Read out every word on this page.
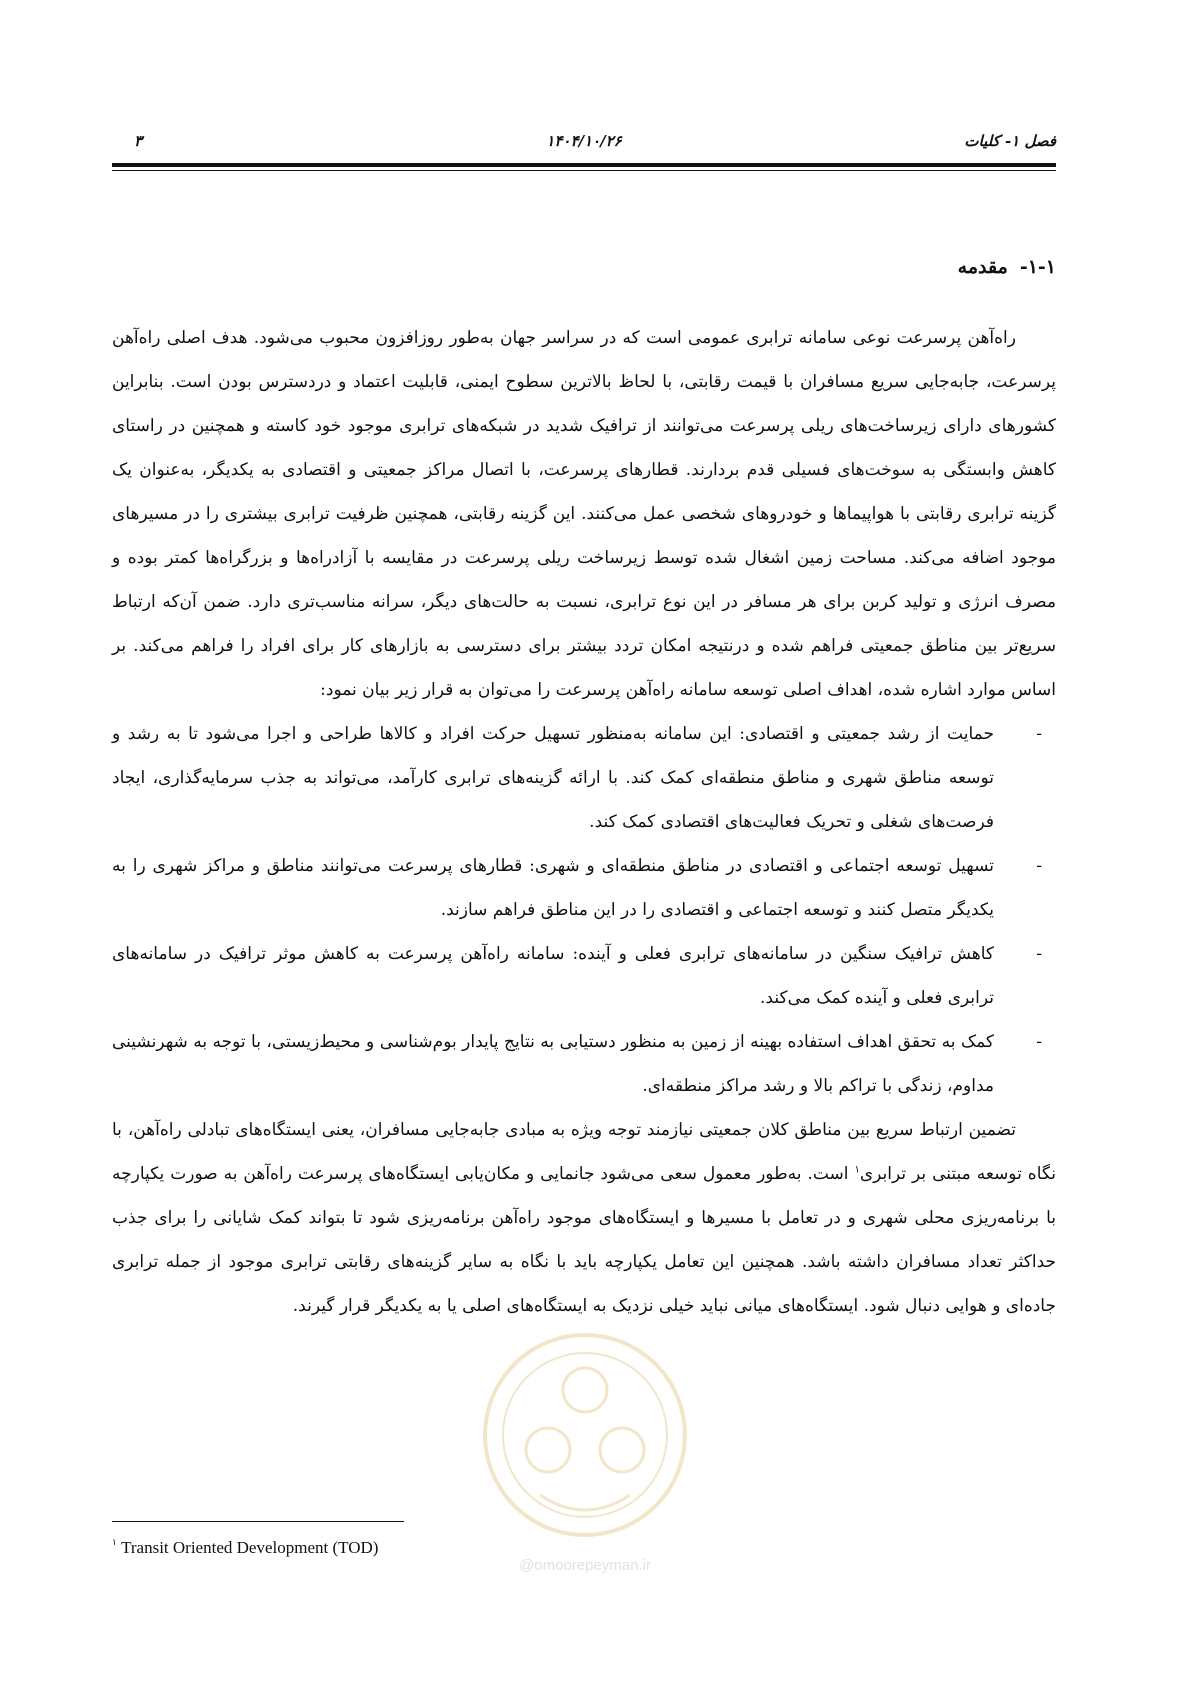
فصل ۱- کلیات
۱۴۰۴/۱۰/۲۶
۳
۱-۱-مقدمه

راه‌آهن پرسرعت نوعی سامانه ترابری عمومی است که در سراسر جهان به‌طور روزافزون محبوب می‌شود. هدف اصلی راه‌آهن پرسرعت، جابه‌جایی سریع مسافران با قیمت رقابتی، با لحاظ بالاترین سطوح ایمنی، قابلیت اعتماد و دردسترس بودن است. بنابراین کشورهای دارای زیرساخت‌های ریلی پرسرعت می‌توانند از ترافیک شدید در شبکه‌های ترابری موجود خود کاسته و همچنین در راستای کاهش وابستگی به سوخت‌های فسیلی قدم بردارند. قطارهای پرسرعت، با اتصال مراکز جمعیتی و اقتصادی به یکدیگر، به‌عنوان یک گزینه ترابری رقابتی با هواپیماها و خودروهای شخصی عمل می‌کنند. این گزینه رقابتی، همچنین ظرفیت ترابری بیشتری را در مسیرهای موجود اضافه می‌کند. مساحت زمین اشغال شده توسط زیرساخت ریلی پرسرعت در مقایسه با آزادراه‌ها و بزرگراه‌ها کمتر بوده و مصرف انرژی و تولید کربن برای هر مسافر در این نوع ترابری، نسبت به حالت‌های دیگر، سرانه مناسب‌تری دارد. ضمن آن‌که ارتباط سریع‌تر بین مناطق جمعیتی فراهم شده و درنتیجه امکان تردد بیشتر برای دسترسی به بازارهای کار برای افراد را فراهم می‌کند. بر اساس موارد اشاره شده، اهداف اصلی توسعه سامانه راه‌آهن پرسرعت را می‌توان به قرار زیر بیان نمود:

-
حمایت از رشد جمعیتی و اقتصادی: این سامانه به‌منظور تسهیل حرکت افراد و کالاها طراحی و اجرا می‌شود تا به رشد و توسعه مناطق شهری و مناطق منطقه‌ای کمک کند. با ارائه گزینه‌های ترابری کارآمد، می‌تواند به جذب سرمایه‌گذاری، ایجاد فرصت‌های شغلی و تحریک فعالیت‌های اقتصادی کمک کند.
-
تسهیل توسعه اجتماعی و اقتصادی در مناطق منطقه‌ای و شهری: قطارهای پرسرعت می‌توانند مناطق و مراکز شهری را به یکدیگر متصل کنند و توسعه اجتماعی و اقتصادی را در این مناطق فراهم سازند.
-
کاهش ترافیک سنگین در سامانه‌های ترابری فعلی و آینده: سامانه راه‌آهن پرسرعت به کاهش موثر ترافیک در سامانه‌های ترابری فعلی و آینده کمک می‌کند.
-
کمک به تحقق اهداف استفاده بهینه از زمین به منظور دستیابی به نتایج پایدار بوم‌شناسی و محیط‌زیستی، با توجه به شهرنشینی مداوم، زندگی با تراکم بالا و رشد مراکز منطقه‌ای.

تضمین ارتباط سریع بین مناطق کلان جمعیتی نیازمند توجه ویژه به مبادی جابه‌جایی مسافران، یعنی ایستگاه‌های تبادلی راه‌آهن، با نگاه توسعه مبتنی بر ترابری$^۱$ است. به‌طور معمول سعی می‌شود جانمایی و مکان‌یابی ایستگاه‌های پرسرعت راه‌آهن به صورت یکپارچه با برنامه‌ریزی محلی شهری و در تعامل با مسیرها و ایستگاه‌های موجود راه‌آهن برنامه‌ریزی شود تا بتواند کمک شایانی را برای جذب حداکثر تعداد مسافران داشته باشد. همچنین این تعامل یکپارچه باید با نگاه به سایر گزینه‌های رقابتی ترابری موجود از جمله ترابری جاده‌ای و هوایی دنبال شود. ایستگاه‌های میانی نباید خیلی نزدیک به ایستگاه‌های اصلی یا به یکدیگر قرار گیرند.

@omoorepeyman.ir
$^۱$ Transit Oriented Development (TOD)
